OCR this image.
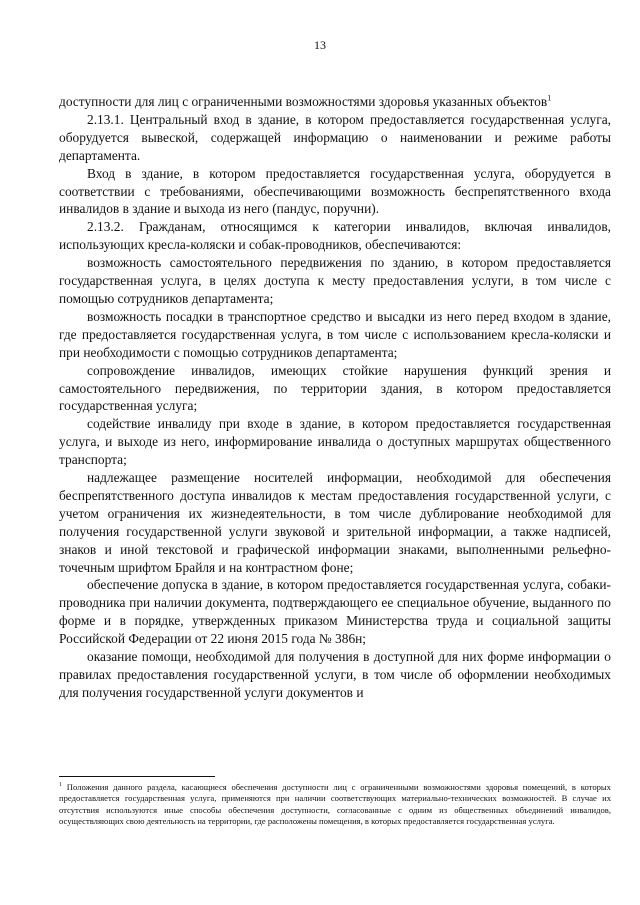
13

доступности для лиц с ограниченными возможностями здоровья указанных объектов$^1$

2.13.1. Центральный вход в здание, в котором предоставляется государственная услуга, оборудуется вывеской, содержащей информацию о наименовании и режиме работы департамента.

Вход в здание, в котором предоставляется государственная услуга, оборудуется в соответствии с требованиями, обеспечивающими возможность беспрепятственного входа инвалидов в здание и выхода из него (пандус, поручни).

2.13.2. Гражданам, относящимся к категории инвалидов, включая инвалидов, использующих кресла-коляски и собак-проводников, обеспечиваются:

возможность самостоятельного передвижения по зданию, в котором предоставляется государственная услуга, в целях доступа к месту предоставления услуги, в том числе с помощью сотрудников департамента;

возможность посадки в транспортное средство и высадки из него перед входом в здание, где предоставляется государственная услуга, в том числе с использованием кресла-коляски и при необходимости с помощью сотрудников департамента;

сопровождение инвалидов, имеющих стойкие нарушения функций зрения и самостоятельного передвижения, по территории здания, в котором предоставляется государственная услуга;

содействие инвалиду при входе в здание, в котором предоставляется государственная услуга, и выходе из него, информирование инвалида о доступных маршрутах общественного транспорта;

надлежащее размещение носителей информации, необходимой для обеспечения беспрепятственного доступа инвалидов к местам предоставления государственной услуги, с учетом ограничения их жизнедеятельности, в том числе дублирование необходимой для получения государственной услуги звуковой и зрительной информации, а также надписей, знаков и иной текстовой и графической информации знаками, выполненными рельефно-точечным шрифтом Брайля и на контрастном фоне;

обеспечение допуска в здание, в котором предоставляется государственная услуга, собаки-проводника при наличии документа, подтверждающего ее специальное обучение, выданного по форме и в порядке, утвержденных приказом Министерства труда и социальной защиты Российской Федерации от 22 июня 2015 года № 386н;

оказание помощи, необходимой для получения в доступной для них форме информации о правилах предоставления государственной услуги, в том числе об оформлении необходимых для получения государственной услуги документов и

$^1$ Положения данного раздела, касающиеся обеспечения доступности лиц с ограниченными возможностями здоровья помещений, в которых предоставляется государственная услуга, применяются при наличии соответствующих материально-технических возможностей. В случае их отсутствия используются иные способы обеспечения доступности, согласованные с одним из общественных объединений инвалидов, осуществляющих свою деятельность на территории, где расположены помещения, в которых предоставляется государственная услуга.
